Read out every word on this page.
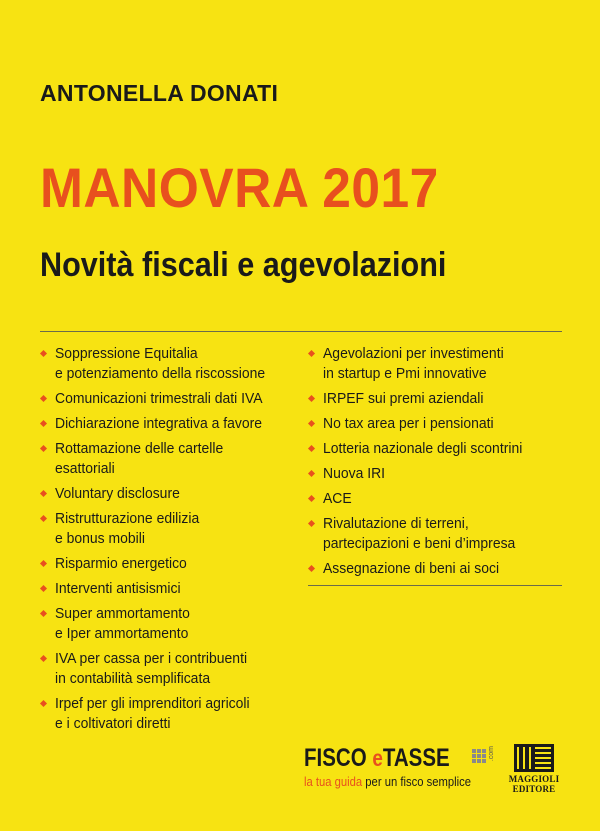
ANTONELLA DONATI
MANOVRA 2017
Novità fiscali e agevolazioni
Soppressione Equitalia
e potenziamento della riscossione
Comunicazioni trimestrali dati IVA
Dichiarazione integrativa a favore
Rottamazione delle cartelle
esattoriali
Voluntary disclosure
Ristrutturazione edilizia
e bonus mobili
Risparmio energetico
Interventi antisismici
Super ammortamento
e Iper ammortamento
IVA per cassa per i contribuenti
in contabilità semplificata
Irpef per gli imprenditori agricoli
e i coltivatori diretti
Agevolazioni per investimenti
in startup e Pmi innovative
IRPEF sui premi aziendali
No tax area per i pensionati
Lotteria nazionale degli scontrini
Nuova IRI
ACE
Rivalutazione di terreni,
partecipazioni e beni d’impresa
Assegnazione di beni ai soci
FISCO eTASSE	.com
la tua guida per un fisco semplice	MAGGIOLI
EDITORE
